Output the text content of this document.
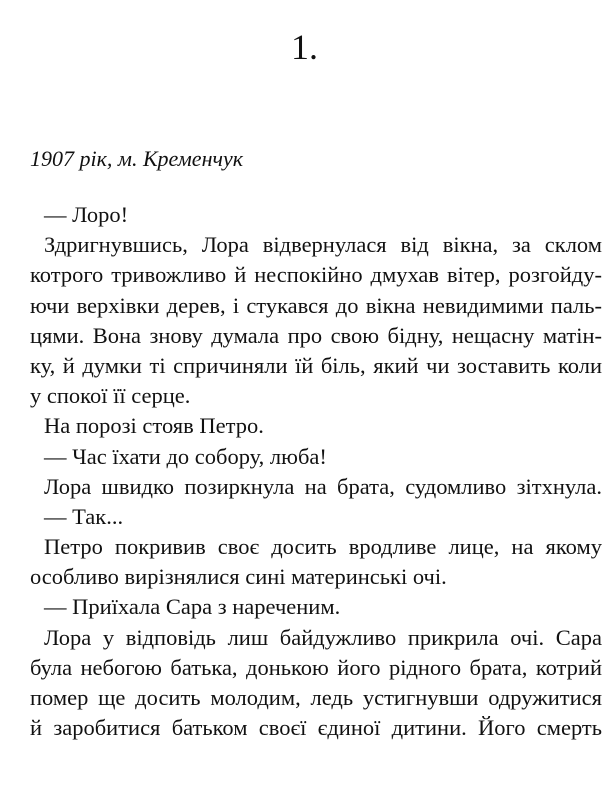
1.
1907 рік, м. Кременчук
— Лоро!
Здригнувшись, Лора відвернулася від вікна, за склом
котрого тривожливо й неспокійно дмухав вітер, розгойду-
ючи верхівки дерев, і стукався до вікна невидимими паль-
цями. Вона знову думала про свою бідну, нещасну матін-
ку, й думки ті спричиняли їй біль, який чи зоставить коли
у спокої її серце.
На порозі стояв Петро.
— Час їхати до собору, люба!
Лора швидко позиркнула на брата, судомливо зітхнула.
— Так...
Петро покривив своє досить вродливе лице, на якому
особливо вирізнялися сині материнські очі.
— Приїхала Сара з нареченим.
Лора у відповідь лиш байдужливо прикрила очі. Сара
була небогою батька, донькою його рідного брата, котрий
помер ще досить молодим, ледь устигнувши одружитися
й заробитися батьком своєї єдиної дитини. Його смерть
